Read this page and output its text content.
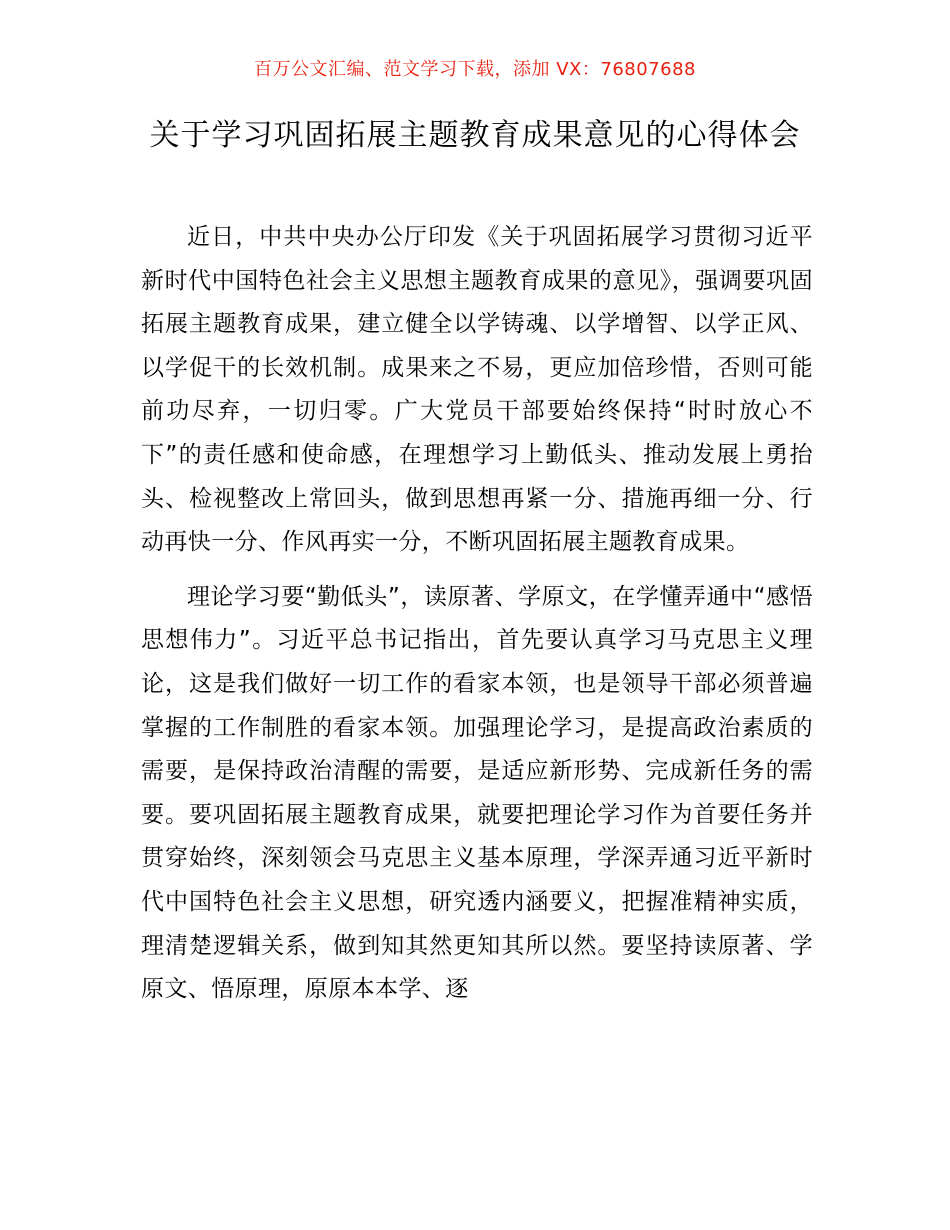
百万公文汇编、范文学习下载，添加 VX：76807688
关于学习巩固拓展主题教育成果意见的心得体会

近日，中共中央办公厅印发《关于巩固拓展学习贯彻习近平新时代中国特色社会主义思想主题教育成果的意见》，强调要巩固拓展主题教育成果，建立健全以学铸魂、以学增智、以学正风、以学促干的长效机制。成果来之不易，更应加倍珍惜，否则可能前功尽弃，一切归零。广大党员干部要始终保持“时时放心不下”的责任感和使命感，在理想学习上勤低头、推动发展上勇抬头、检视整改上常回头，做到思想再紧一分、措施再细一分、行动再快一分、作风再实一分，不断巩固拓展主题教育成果。

理论学习要“勤低头”，读原著、学原文，在学懂弄通中“感悟思想伟力”。习近平总书记指出，首先要认真学习马克思主义理论，这是我们做好一切工作的看家本领，也是领导干部必须普遍掌握的工作制胜的看家本领。加强理论学习，是提高政治素质的需要，是保持政治清醒的需要，是适应新形势、完成新任务的需要。要巩固拓展主题教育成果，就要把理论学习作为首要任务并贯穿始终，深刻领会马克思主义基本原理，学深弄通习近平新时代中国特色社会主义思想，研究透内涵要义，把握准精神实质，理清楚逻辑关系，做到知其然更知其所以然。要坚持读原著、学原文、悟原理，原原本本学、逐
